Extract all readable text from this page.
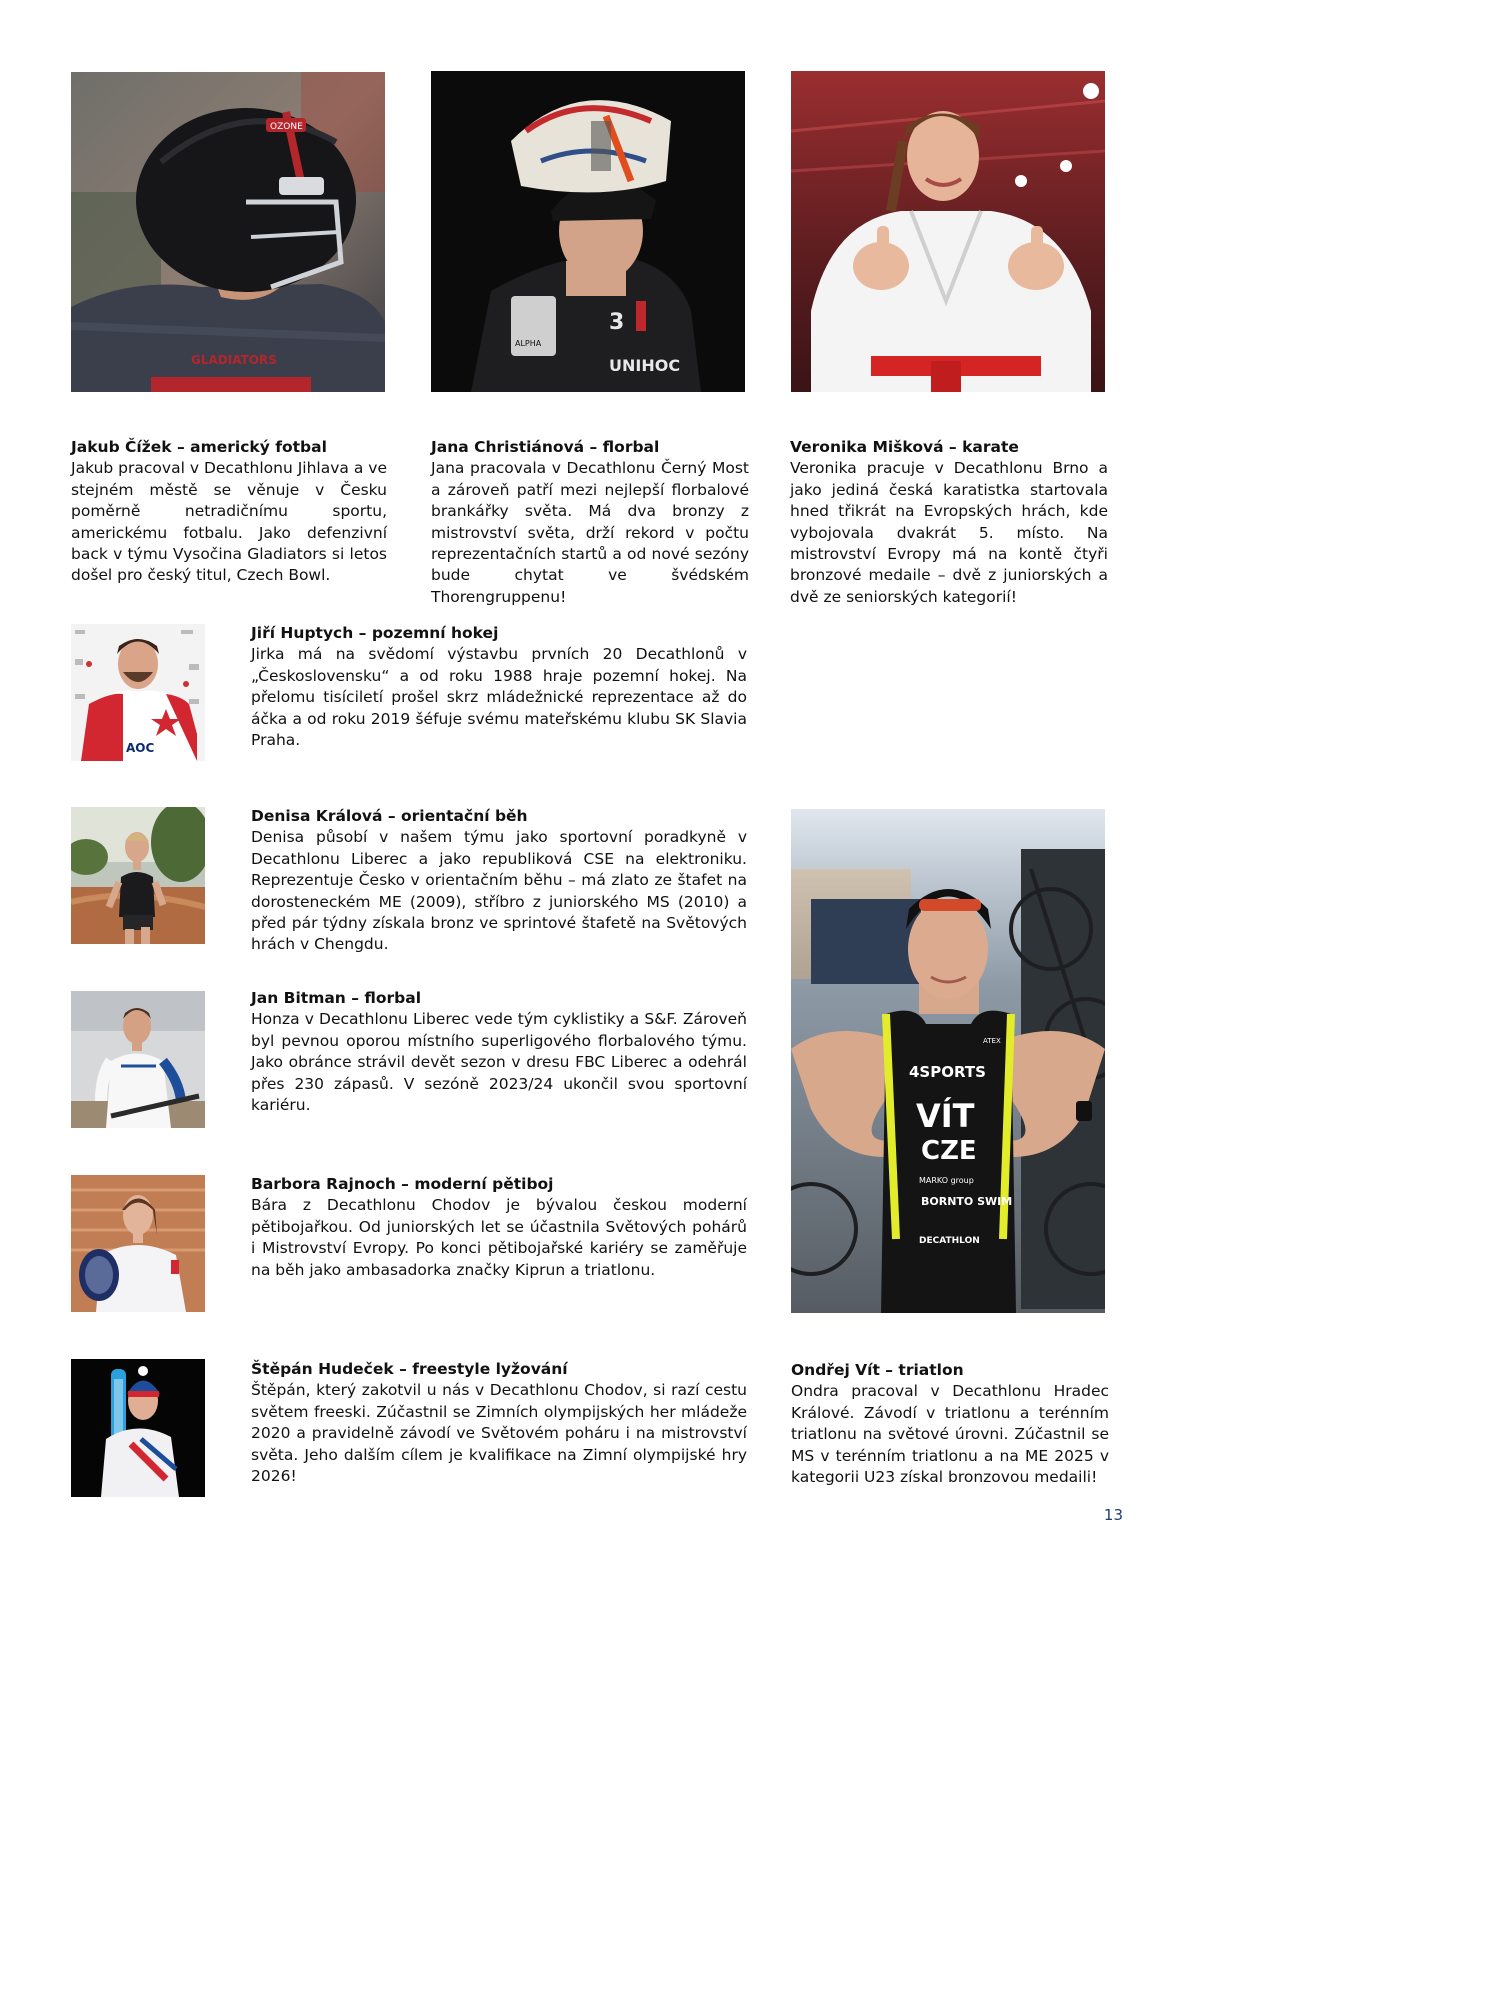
GLADIATORS
OZONE
ALPHA
3
UNIHOC
AOC
4SPORTS
ATEX
VÍT
CZE
MARKO group
BORNTO SWIM
DECATHLON
Jakub Čížek – americký fotbal
Jakub pracoval v Decathlonu Jihlava a ve stejném městě se věnuje v Česku poměrně netradičnímu sportu, americkému fotbalu. Jako defenzivní back v týmu Vysočina Gladiators si letos došel pro český titul, Czech Bowl.
Jana Christiánová – florbal
Jana pracovala v Decathlonu Černý Most a zároveň patří mezi nejlepší florbalové brankářky světa. Má dva bronzy z mistrovství světa, drží rekord v počtu reprezentačních startů a od nové sezóny bude chytat ve švédském Thorengruppenu!
Veronika Mišková – karate
Veronika pracuje v Decathlonu Brno a jako jediná česká karatistka startovala hned třikrát na Evropských hrách, kde vybojovala dvakrát 5. místo. Na mistrovství Evropy má na kontě čtyři bronzové medaile – dvě z juniorských a dvě ze seniorských kategorií!
Jiří Huptych – pozemní hokej
Jirka má na svědomí výstavbu prvních 20 Decathlonů v „Československu“ a od roku 1988 hraje pozemní hokej. Na přelomu tisíciletí prošel skrz mládežnické reprezentace až do áčka a od roku 2019 šéfuje svému mateřskému klubu SK Slavia Praha.
Denisa Králová – orientační běh
Denisa působí v našem týmu jako sportovní poradkyně v Decathlonu Liberec a jako republiková CSE na elektroniku. Reprezentuje Česko v orientačním běhu – má zlato ze štafet na dorosteneckém ME (2009), stříbro z juniorského MS (2010) a před pár týdny získala bronz ve sprintové štafetě na Světových hrách v Chengdu.
Jan Bitman – florbal
Honza v Decathlonu Liberec vede tým cyklistiky a S&F. Zároveň byl pevnou oporou místního superligového florbalového týmu. Jako obránce strávil devět sezon v dresu FBC Liberec a odehrál přes 230 zápasů. V sezóně 2023/24 ukončil svou sportovní kariéru.
Barbora Rajnoch – moderní pětiboj
Bára z Decathlonu Chodov je bývalou českou moderní pětibojařkou. Od juniorských let se účastnila Světových pohárů i Mistrovství Evropy. Po konci pětibojařské kariéry se zaměřuje na běh jako ambasadorka značky Kiprun a triatlonu.
Štěpán Hudeček – freestyle lyžování
Štěpán, který zakotvil u nás v Decathlonu Chodov, si razí cestu světem freeski. Zúčastnil se Zimních olympijských her mládeže 2020 a pravidelně závodí ve Světovém poháru i na mistrovství světa. Jeho dalším cílem je kvalifikace na Zimní olympijské hry 2026!
Ondřej Vít – triatlon
Ondra pracoval v Decathlonu Hradec Králové. Závodí v triatlonu a terénním triatlonu na světové úrovni. Zúčastnil se MS v terénním triatlonu a na ME 2025 v kategorii U23 získal bronzovou medaili!
13
